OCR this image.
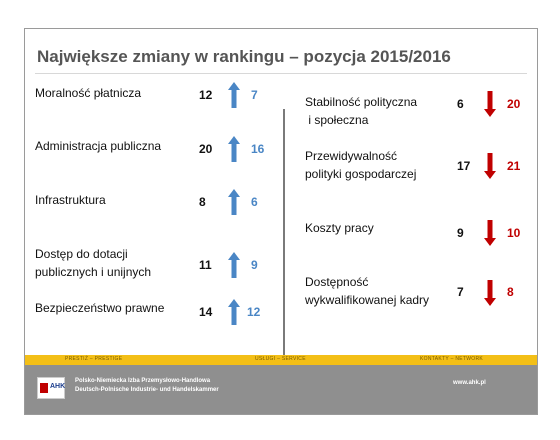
Największe zmiany w rankingu – pozycja 2015/2016
Moralność płatnicza	12	7
Administracja publiczna	20	16
Infrastruktura	8	6
Dostęp do dotacji
publicznych i unijnych	11	9
Bezpieczeństwo prawne	14	12
Stabilność polityczna
i społeczna
6	20
Przewidywalność
polityki gospodarczej
17	21
Koszty pracy	9	10
Dostępność
wykwalifikowanej kadry
7	8
PRESTIŻ – PRESTIGE	USŁUGI – SERVICE	KONTAKTY – NETWORK
AHK
Polsko-Niemiecka Izba Przemysłowo-Handlowa
Deutsch-Polnische Industrie- und Handelskammer
www.ahk.pl
